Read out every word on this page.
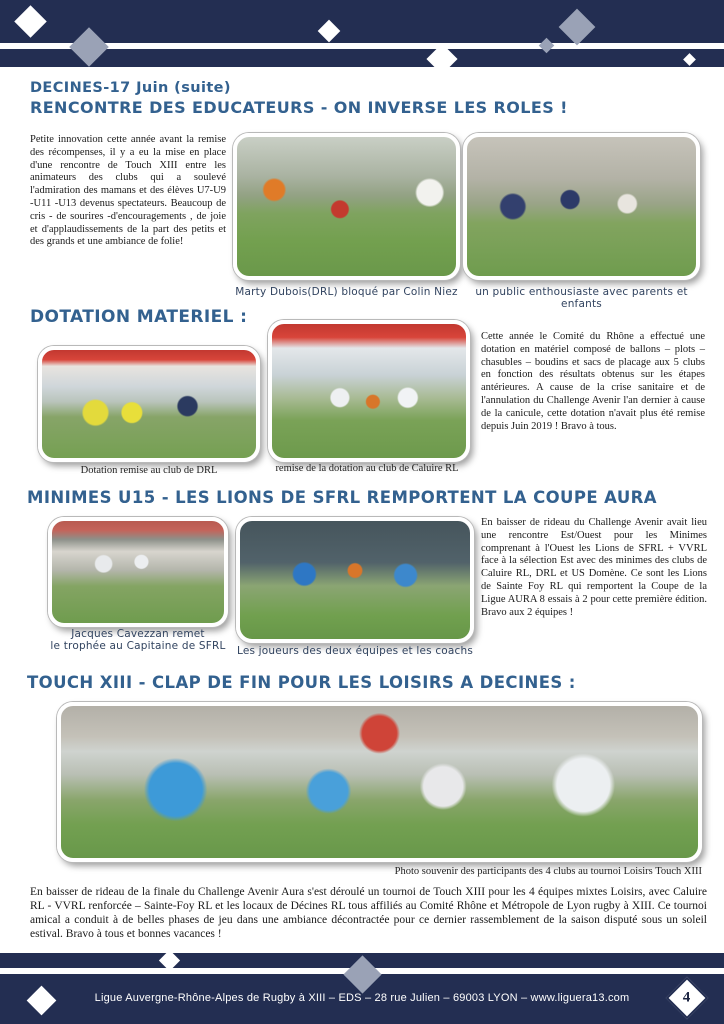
DECINES-17 Juin (suite)
RENCONTRE DES EDUCATEURS - ON INVERSE LES ROLES !
Petite innovation cette année avant la remise des récompenses, il y a eu la mise en place d'une rencontre de Touch XIII entre les animateurs des clubs qui a soulevé l'admiration des mamans et des élèves U7-U9 -U11 -U13 devenus spectateurs. Beaucoup de cris - de sourires -d'encouragements , de joie et d'applaudissements de la part des petits et des grands et une ambiance de folie!
Marty Dubois(DRL) bloqué par Colin Niez	un public enthousiaste avec parents et enfants
DOTATION MATERIEL :
Dotation remise au club de DRL	remise de la dotation au club de Caluire RL
Cette année le Comité du Rhône a effectué une dotation en matériel composé de ballons – plots – chasubles – boudins et sacs de placage aux 5 clubs en fonction des résultats obtenus sur les étapes antérieures. A cause de la crise sanitaire et de l'annulation du Challenge Avenir l'an dernier à cause de la canicule, cette dotation n'avait plus été remise depuis Juin 2019 ! Bravo à tous.
MINIMES U15 - LES LIONS DE SFRL REMPORTENT LA COUPE AURA
Jacques Cavezzan remet
le trophée au Capitaine de SFRL	Les joueurs des deux équipes et les coachs
En baisser de rideau du Challenge Avenir avait lieu une rencontre Est/Ouest pour les Minimes comprenant à l'Ouest les Lions de SFRL + VVRL face à la sélection Est avec des minimes des clubs de Caluire RL, DRL et US Domène. Ce sont les Lions de Sainte Foy RL qui remportent la Coupe de la Ligue AURA 8 essais à 2 pour cette première édition. Bravo aux 2 équipes !
TOUCH XIII - CLAP DE FIN POUR LES LOISIRS A DECINES :
Photo souvenir des participants des 4 clubs au tournoi Loisirs Touch XIII
En baisser de rideau de la finale du Challenge Avenir Aura s'est déroulé un tournoi de Touch XIII pour les 4 équipes mixtes Loisirs, avec Caluire RL - VVRL renforcée – Sainte-Foy RL et les locaux de Décines RL tous affiliés au Comité Rhône et Métropole de Lyon rugby à XIII. Ce tournoi amical a conduit à de belles phases de jeu dans une ambiance décontractée pour ce dernier rassemblement de la saison disputé sous un soleil estival. Bravo à tous et bonnes vacances !
Ligue Auvergne-Rhône-Alpes de Rugby à XIII – EDS – 28 rue Julien – 69003 LYON – www.liguera13.com	4
